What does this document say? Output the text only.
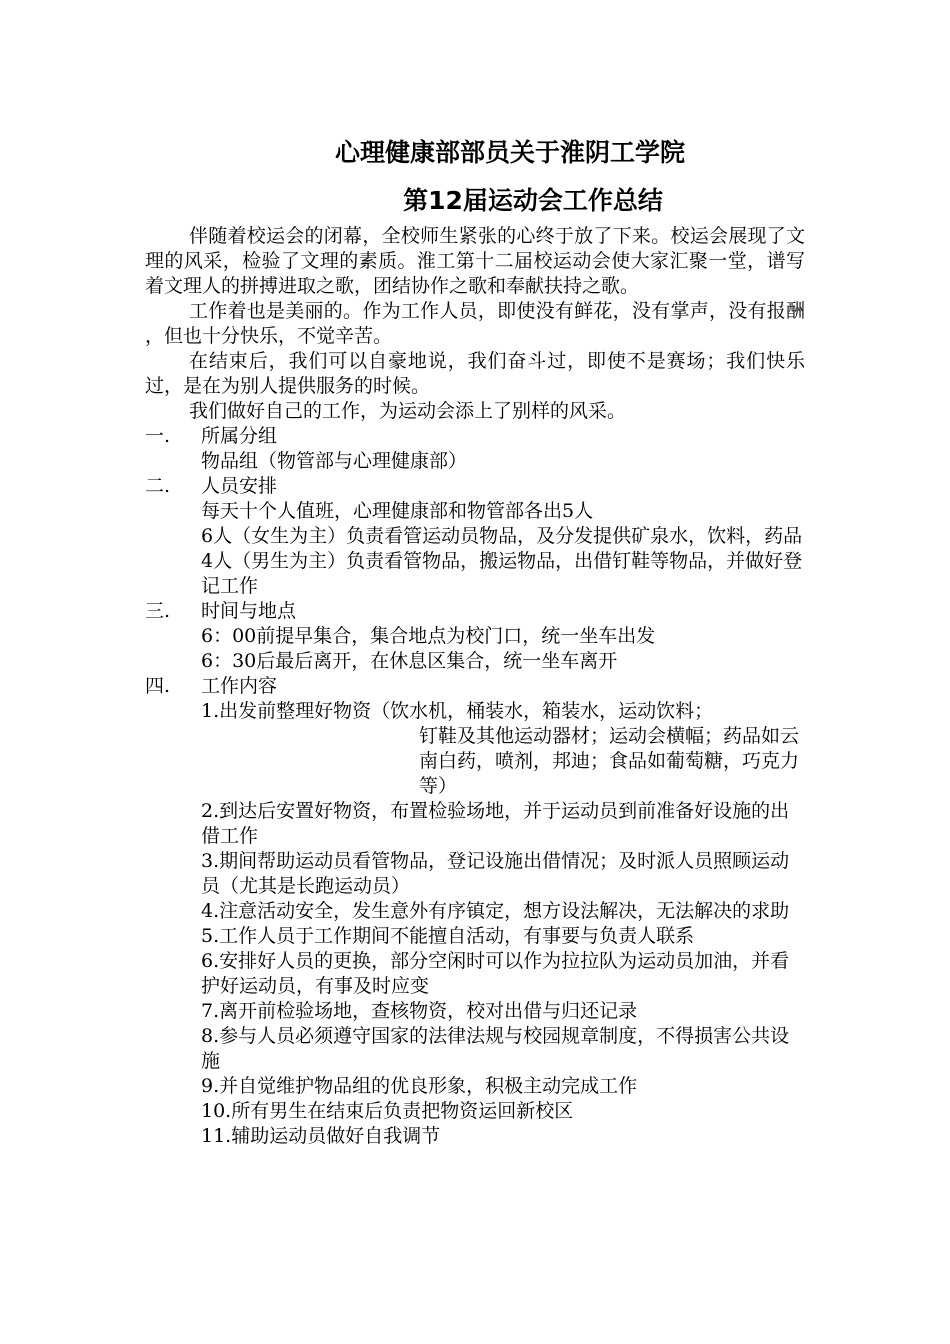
心理健康部部员关于淮阴工学院
第12届运动会工作总结

伴随着校运会的闭幕，全校师生紧张的心终于放了下来。校运会展现了文理的风采，检验了文理的素质。淮工第十二届校运动会使大家汇聚一堂，谱写着文理人的拼搏进取之歌，团结协作之歌和奉献扶持之歌。

工作着也是美丽的。作为工作人员，即使没有鲜花，没有掌声，没有报酬 ，但也十分快乐，不觉辛苦。

在结束后，我们可以自豪地说，我们奋斗过，即使不是赛场；我们快乐过，是在为别人提供服务的时候。

我们做好自己的工作，为运动会添上了别样的风采。

一. 所属分组

物品组（物管部与心理健康部）

二. 人员安排

每天十个人值班，心理健康部和物管部各出5人

6人（女生为主）负责看管运动员物品，及分发提供矿泉水，饮料，药品

4人（男生为主）负责看管物品，搬运物品，出借钉鞋等物品，并做好登记工作

三. 时间与地点

6：00前提早集合，集合地点为校门口，统一坐车出发

6：30后最后离开，在休息区集合，统一坐车离开

四. 工作内容

1.出发前整理好物资（饮水机，桶装水，箱装水，运动饮料；
钉鞋及其他运动器材；运动会横幅；药品如云南白药，喷剂，邦迪；食品如葡萄糖，巧克力等）

2.到达后安置好物资，布置检验场地，并于运动员到前准备好设施的出借工作

3.期间帮助运动员看管物品，登记设施出借情况；及时派人员照顾运动员（尤其是长跑运动员）

4.注意活动安全，发生意外有序镇定，想方设法解决，无法解决的求助

5.工作人员于工作期间不能擅自活动，有事要与负责人联系

6.安排好人员的更换，部分空闲时可以作为拉拉队为运动员加油，并看护好运动员，有事及时应变

7.离开前检验场地，查核物资，校对出借与归还记录

8.参与人员必须遵守国家的法律法规与校园规章制度，不得损害公共设施

9.并自觉维护物品组的优良形象，积极主动完成工作

10.所有男生在结束后负责把物资运回新校区

11.辅助运动员做好自我调节
